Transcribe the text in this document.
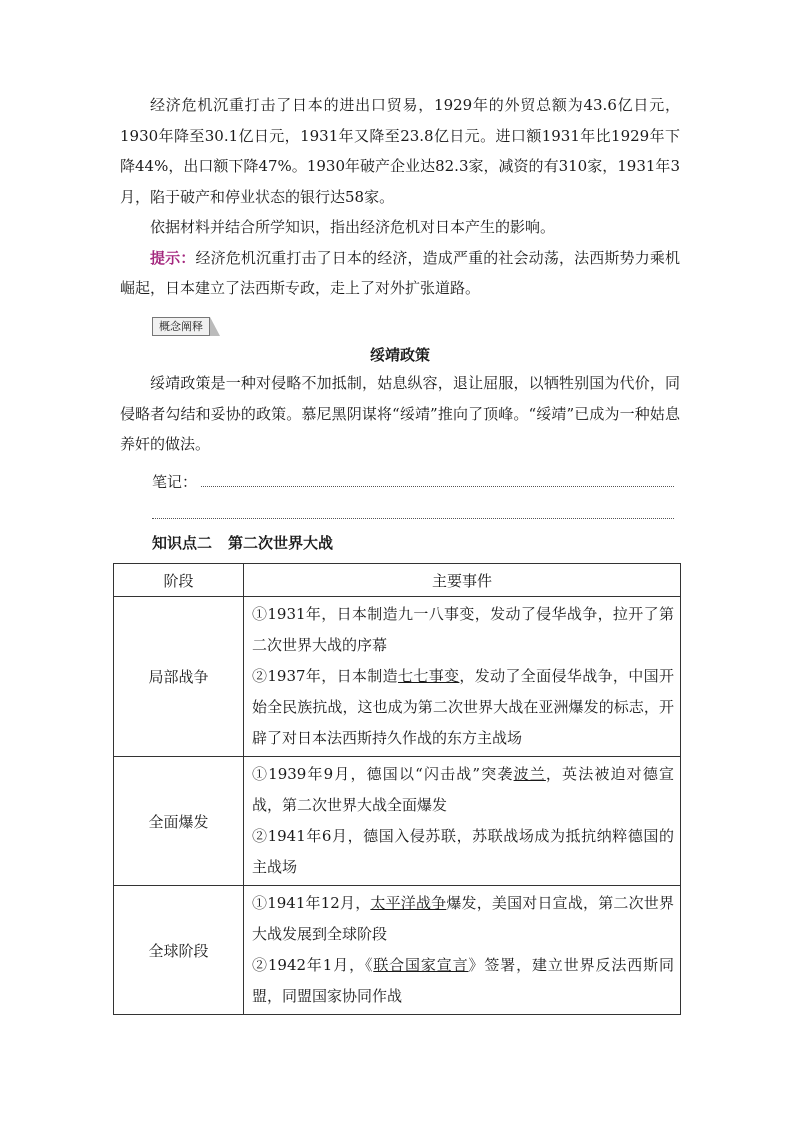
经济危机沉重打击了日本的进出口贸易，1929年的外贸总额为43.6亿日元，1930年降至30.1亿日元，1931年又降至23.8亿日元。进口额1931年比1929年下降44%，出口额下降47%。1930年破产企业达82.3家，减资的有310家，1931年3月，陷于破产和停业状态的银行达58家。

依据材料并结合所学知识，指出经济危机对日本产生的影响。

提示：经济危机沉重打击了日本的经济，造成严重的社会动荡，法西斯势力乘机崛起，日本建立了法西斯专政，走上了对外扩张道路。

概念阐释
绥靖政策

绥靖政策是一种对侵略不加抵制，姑息纵容，退让屈服，以牺牲别国为代价，同侵略者勾结和妥协的政策。慕尼黑阴谋将“绥靖”推向了顶峰。“绥靖”已成为一种姑息养奸的做法。

笔记：
知识点二 第二次世界大战
阶段	主要事件
局部战争	①1931年，日本制造九一八事变，发动了侵华战争，拉开了第二次世界大战的序幕
②1937年，日本制造七七事变，发动了全面侵华战争，中国开始全民族抗战，这也成为第二次世界大战在亚洲爆发的标志，开辟了对日本法西斯持久作战的东方主战场

全面爆发	①1939年9月，德国以“闪击战”突袭波兰，英法被迫对德宣战，第二次世界大战全面爆发
②1941年6月，德国入侵苏联，苏联战场成为抵抗纳粹德国的主战场

全球阶段	①1941年12月，太平洋战争爆发，美国对日宣战，第二次世界大战发展到全球阶段
②1942年1月，《联合国家宣言》签署，建立世界反法西斯同盟，同盟国家协同作战
